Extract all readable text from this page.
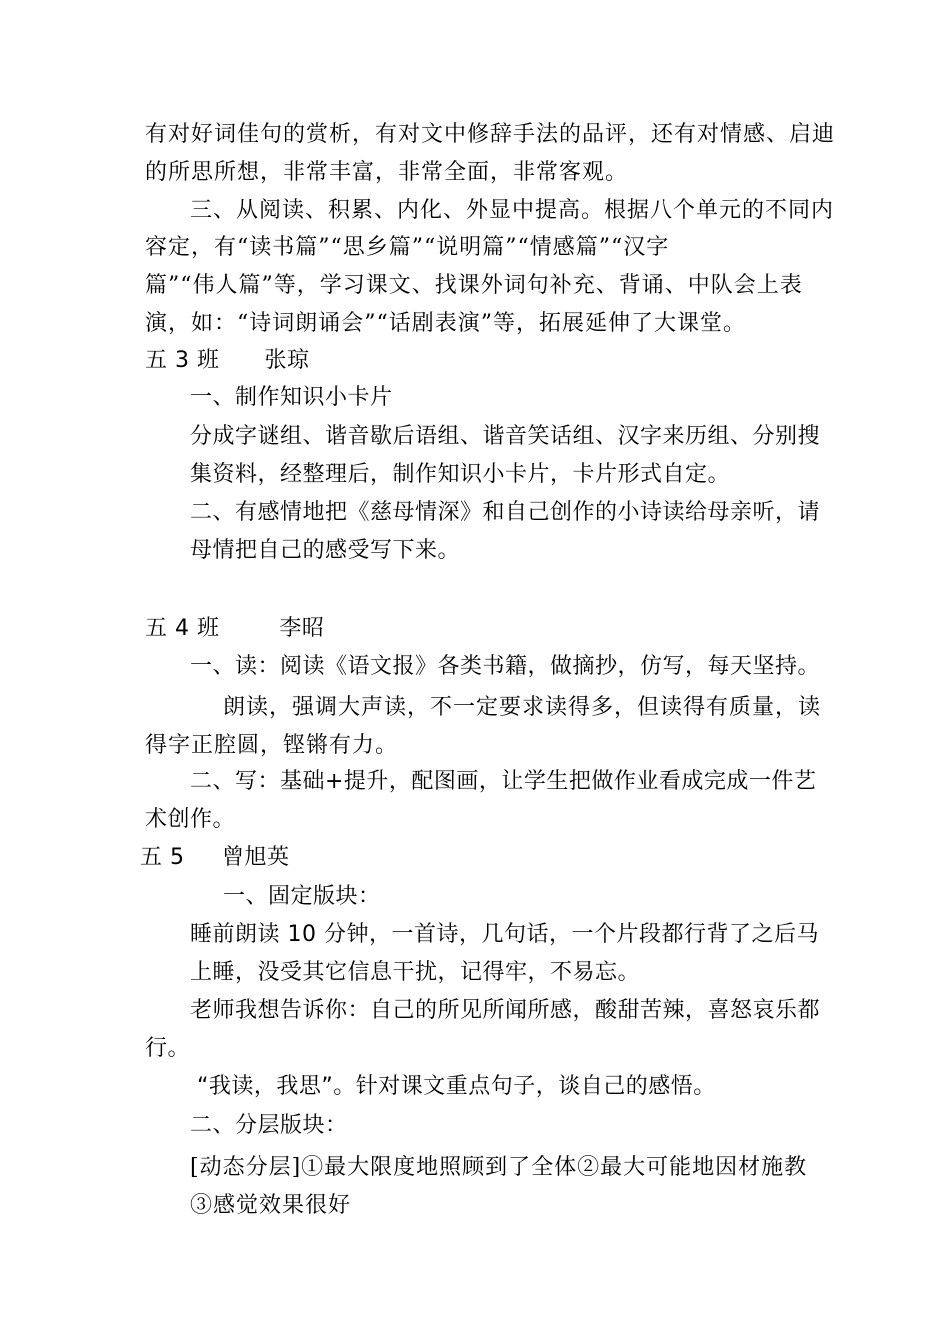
有对好词佳句的赏析，有对文中修辞手法的品评，还有对情感、启迪
的所思所想，非常丰富，非常全面，非常客观。
三、从阅读、积累、内化、外显中提高。根据八个单元的不同内
容定，有“读书篇”“思乡篇”“说明篇”“情感篇”“汉字
篇”“伟人篇”等，学习课文、找课外词句补充、背诵、中队会上表
演，如：“诗词朗诵会”“话剧表演”等，拓展延伸了大课堂。
五 3 班      张琼
一、制作知识小卡片
分成字谜组、谐音歇后语组、谐音笑话组、汉字来历组、分别搜
集资料，经整理后，制作知识小卡片，卡片形式自定。
二、有感情地把《慈母情深》和自己创作的小诗读给母亲听，请
母情把自己的感受写下来。
五 4 班        李昭
一、读：阅读《语文报》各类书籍，做摘抄，仿写，每天坚持。
朗读，强调大声读，不一定要求读得多，但读得有质量，读
得字正腔圆，铿锵有力。
二、写：基础+提升，配图画，让学生把做作业看成完成一件艺
术创作。
五 5     曾旭英
一、固定版块：
睡前朗读 10 分钟，一首诗，几句话，一个片段都行背了之后马
上睡，没受其它信息干扰，记得牢，不易忘。
老师我想告诉你：自己的所见所闻所感，酸甜苦辣，喜怒哀乐都
行。
“我读，我思”。针对课文重点句子，谈自己的感悟。
二、分层版块：
[动态分层]①最大限度地照顾到了全体②最大可能地因材施教
③感觉效果很好
